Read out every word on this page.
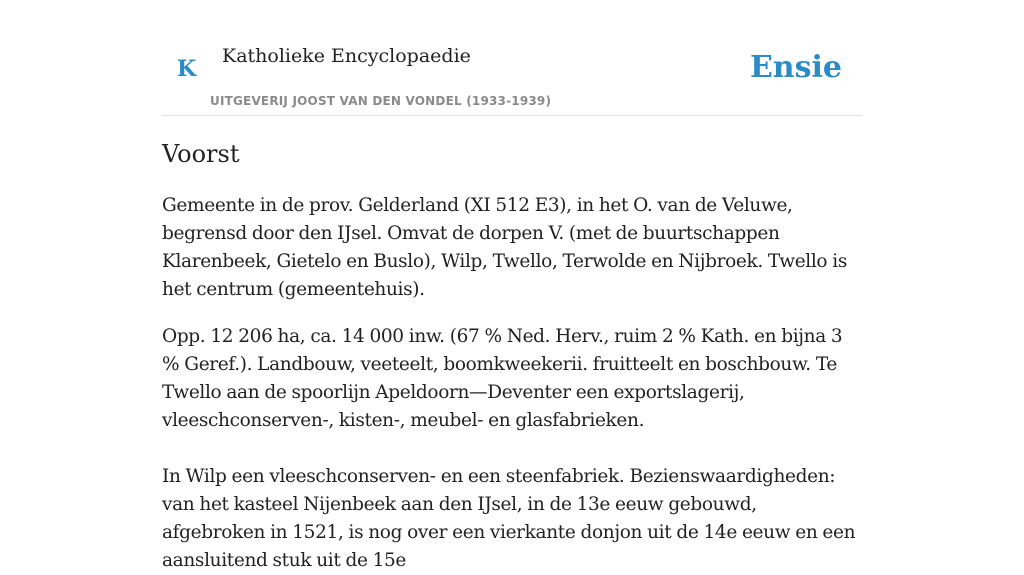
K Katholieke Encyclopaedie
UITGEVERIJ JOOST VAN DEN VONDEL (1933-1939)
Ensie
Voorst

Gemeente in de prov. Gelderland (XI 512 E3), in het O. van de Veluwe, begrensd door den IJsel. Omvat de dorpen V. (met de buurtschappen Klarenbeek, Gietelo en Buslo), Wilp, Twello, Terwolde en Nijbroek. Twello is het centrum (gemeentehuis).

Opp. 12 206 ha, ca. 14 000 inw. (67 % Ned. Herv., ruim 2 % Kath. en bijna 3 % Geref.). Landbouw, veeteelt, boomkweekerii. fruitteelt en boschbouw. Te Twello aan de spoorlijn Apeldoorn—Deventer een exportslagerij, vleeschconserven-, kisten-, meubel- en glasfabrieken.

In Wilp een vleeschconserven- en een steenfabriek. Bezienswaardigheden: van het kasteel Nijenbeek aan den IJsel, in de 13e eeuw gebouwd, afgebroken in 1521, is nog over een vierkante donjon uit de 14e eeuw en een aansluitend stuk uit de 15e
